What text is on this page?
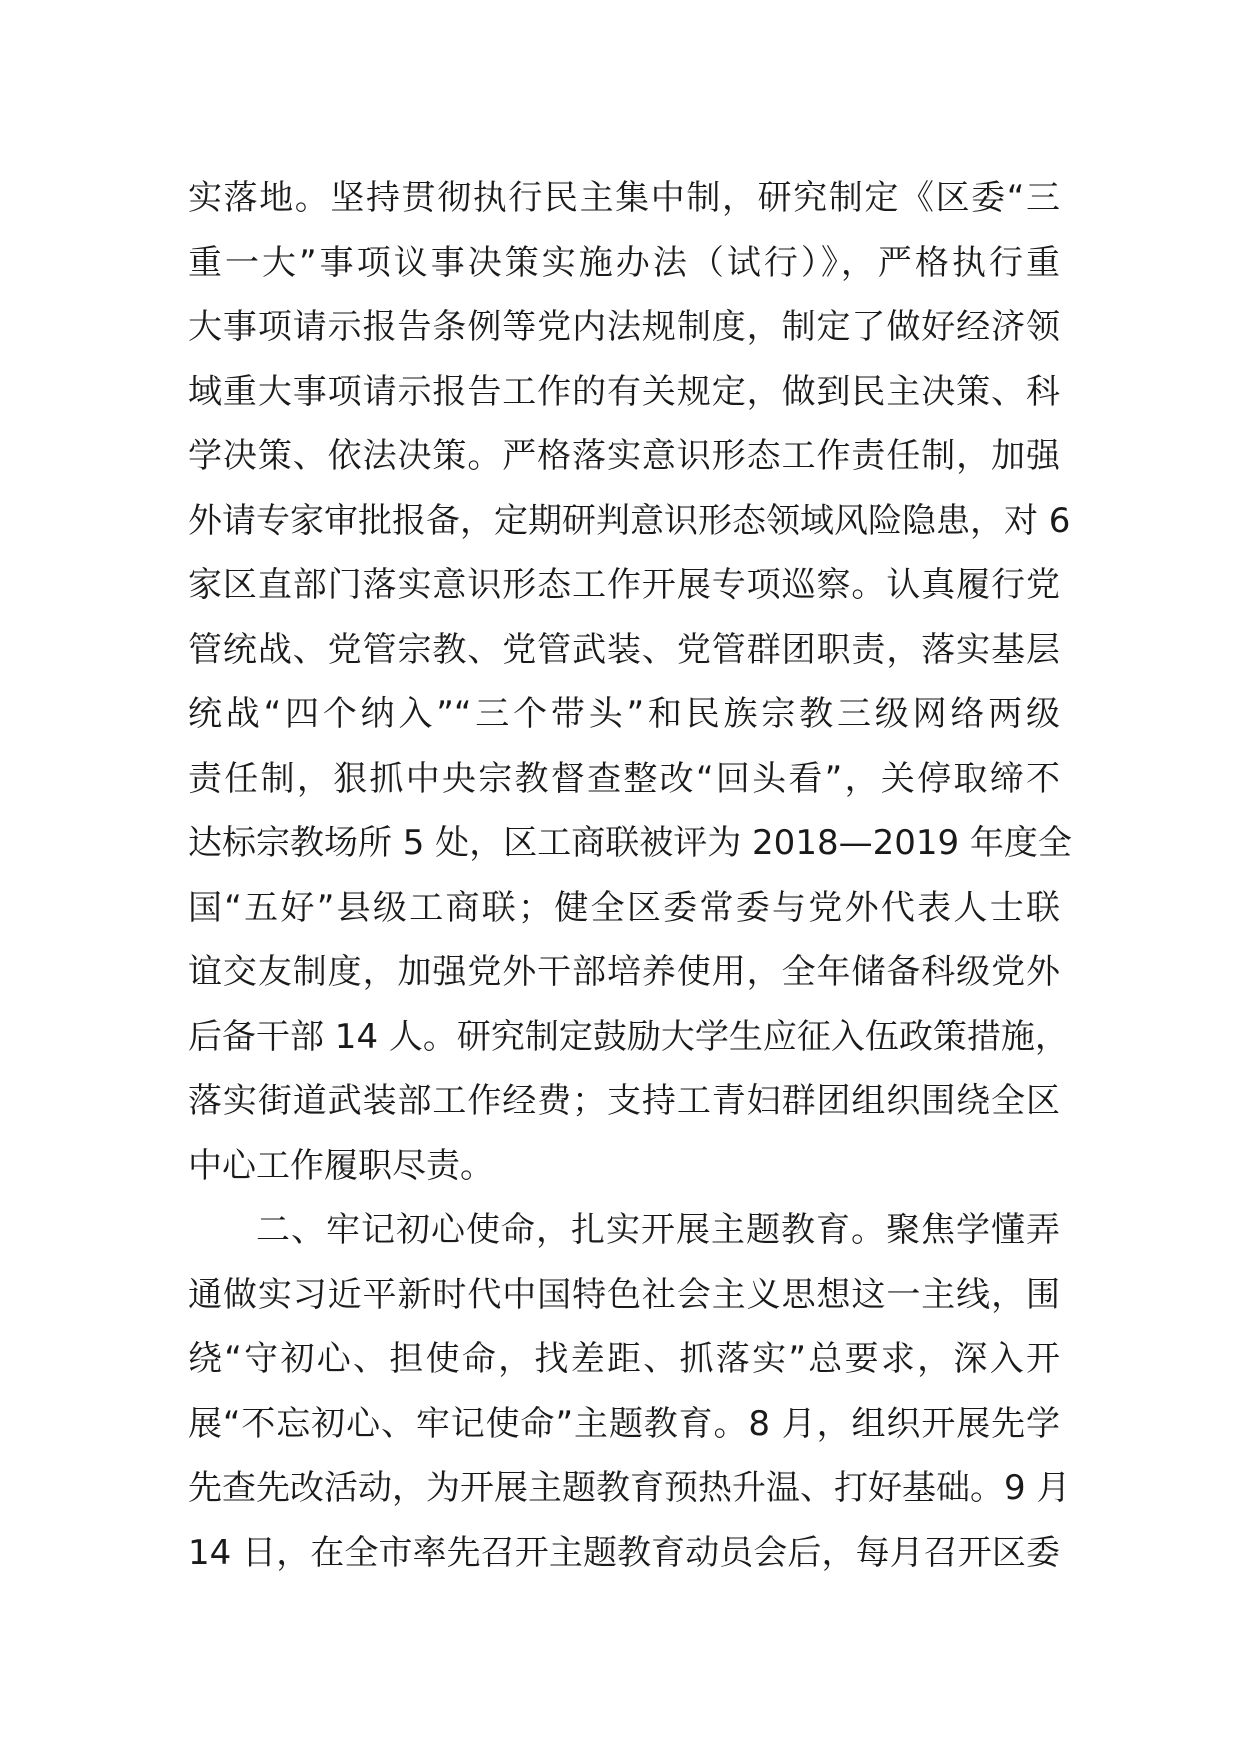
实落地。坚持贯彻执行民主集中制，研究制定《区委“三
重一大”事项议事决策实施办法（试行）》，严格执行重
大事项请示报告条例等党内法规制度，制定了做好经济领
域重大事项请示报告工作的有关规定，做到民主决策、科
学决策、依法决策。严格落实意识形态工作责任制，加强
外请专家审批报备，定期研判意识形态领域风险隐患，对 6
家区直部门落实意识形态工作开展专项巡察。认真履行党
管统战、党管宗教、党管武装、党管群团职责，落实基层
统战“四个纳入”“三个带头”和民族宗教三级网络两级
责任制，狠抓中央宗教督查整改“回头看”，关停取缔不
达标宗教场所 5 处，区工商联被评为 2018—2019 年度全
国“五好”县级工商联；健全区委常委与党外代表人士联
谊交友制度，加强党外干部培养使用，全年储备科级党外
后备干部 14 人。研究制定鼓励大学生应征入伍政策措施，
落实街道武装部工作经费；支持工青妇群团组织围绕全区
中心工作履职尽责。
二、牢记初心使命，扎实开展主题教育。聚焦学懂弄
通做实习近平新时代中国特色社会主义思想这一主线，围
绕“守初心、担使命，找差距、抓落实”总要求，深入开
展“不忘初心、牢记使命”主题教育。8 月，组织开展先学
先查先改活动，为开展主题教育预热升温、打好基础。9 月
14 日，在全市率先召开主题教育动员会后，每月召开区委
